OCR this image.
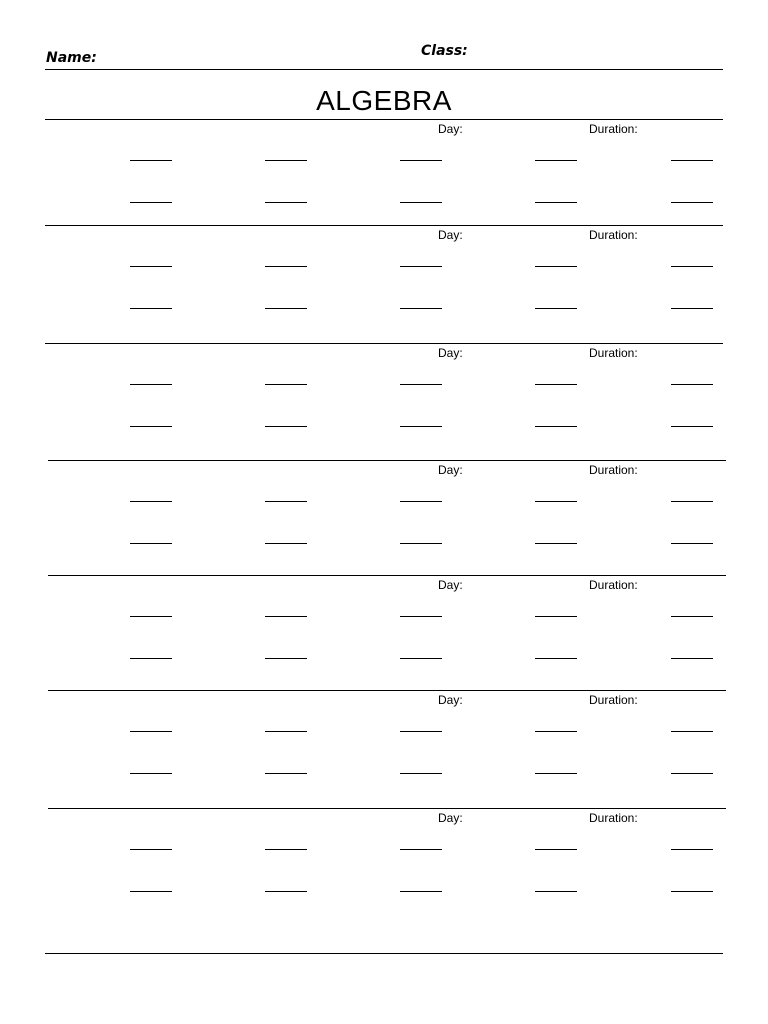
Name:	Class:
ALGEBRA
Day:	Duration:
Day:	Duration:
Day:	Duration:
Day:	Duration:
Day:	Duration:
Day:	Duration:
Day:	Duration:
